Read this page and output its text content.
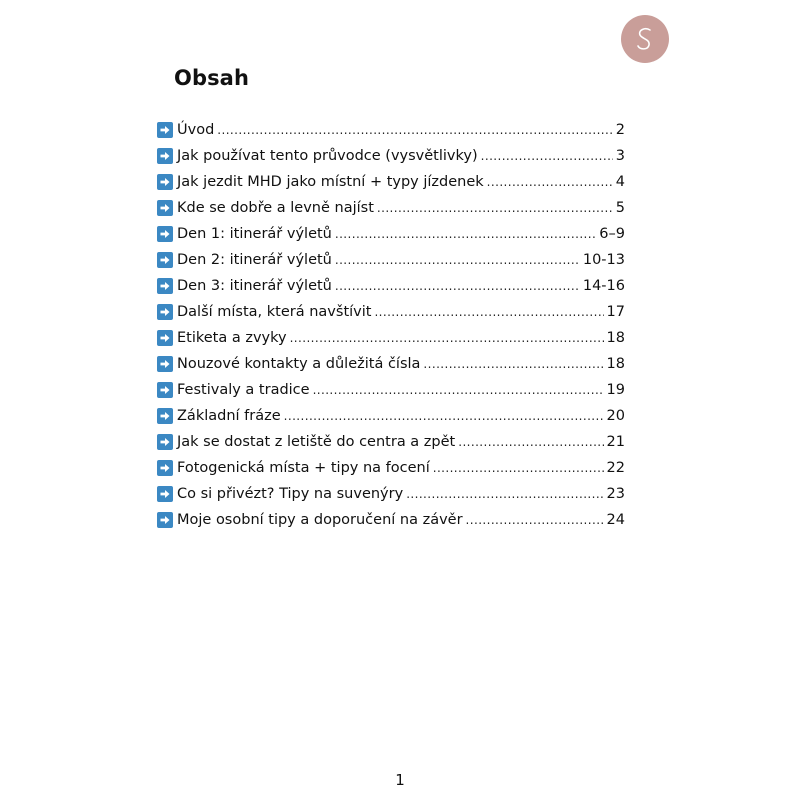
Obsah
Úvod .....	2
Jak používat tento průvodce (vysvětlivky) .....	3
Jak jezdit MHD jako místní + typy jízdenek .....	4
Kde se dobře a levně najíst .....	5
Den 1: itinerář výletů .....	6–9
Den 2: itinerář výletů .....	10-13
Den 3: itinerář výletů .....	14-16
Další místa, která navštívit .....	17
Etiketa a zvyky .....	18
Nouzové kontakty a důležitá čísla .....	18
Festivaly a tradice .....	19
Základní fráze .....	20
Jak se dostat z letiště do centra a zpět .....	21
Fotogenická místa + tipy na focení .....	22
Co si přivézt? Tipy na suvenýry .....	23
Moje osobní tipy a doporučení na závěr .....	24
1
